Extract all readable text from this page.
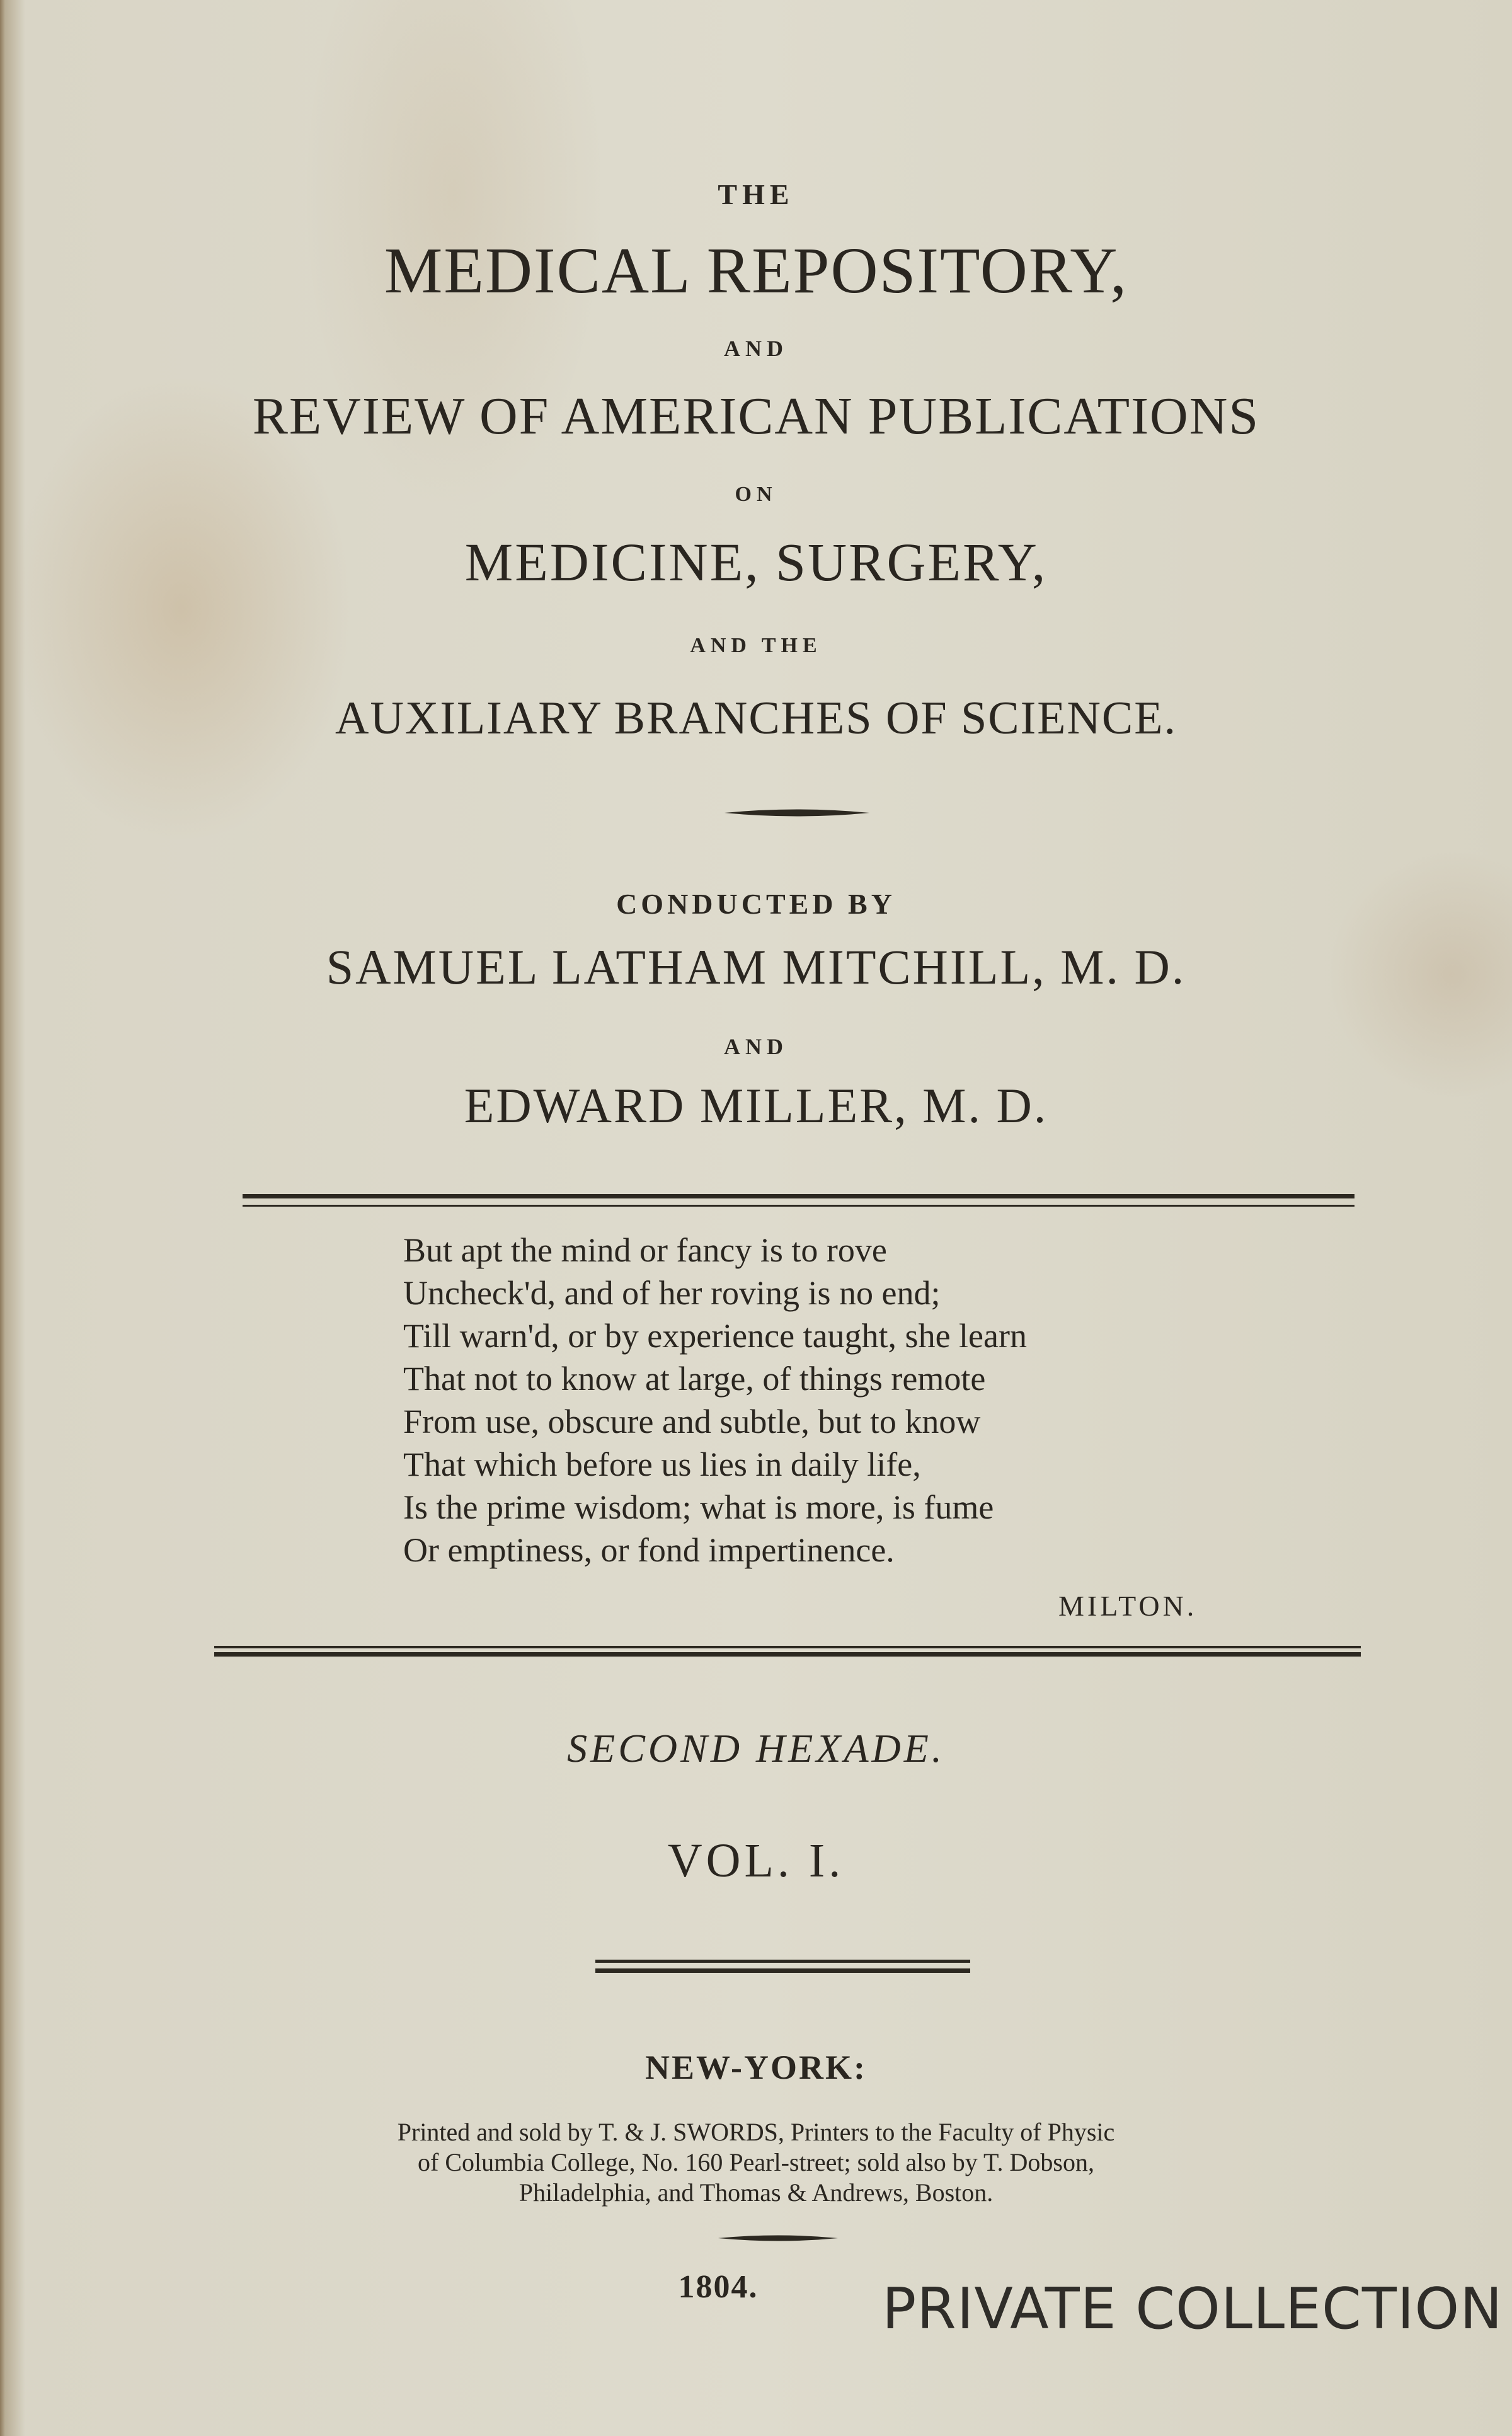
THE
MEDICAL REPOSITORY,
AND
REVIEW OF AMERICAN PUBLICATIONS
ON
MEDICINE, SURGERY,
AND THE
AUXILIARY BRANCHES OF SCIENCE.
CONDUCTED BY
SAMUEL LATHAM MITCHILL, M. D.
AND
EDWARD MILLER, M. D.
But apt the mind or fancy is to rove
Uncheck'd, and of her roving is no end;
Till warn'd, or by experience taught, she learn
That not to know at large, of things remote
From use, obscure and subtle, but to know
That which before us lies in daily life,
Is the prime wisdom; what is more, is fume
Or emptiness, or fond impertinence.
MILTON.
SECOND HEXADE.
VOL. I.
NEW-YORK:
Printed and sold by T. & J. SWORDS, Printers to the Faculty of Physic
of Columbia College, No. 160 Pearl-street; sold also by T. Dobson,
Philadelphia, and Thomas & Andrews, Boston.
1804.	PRIVATE COLLECTION
